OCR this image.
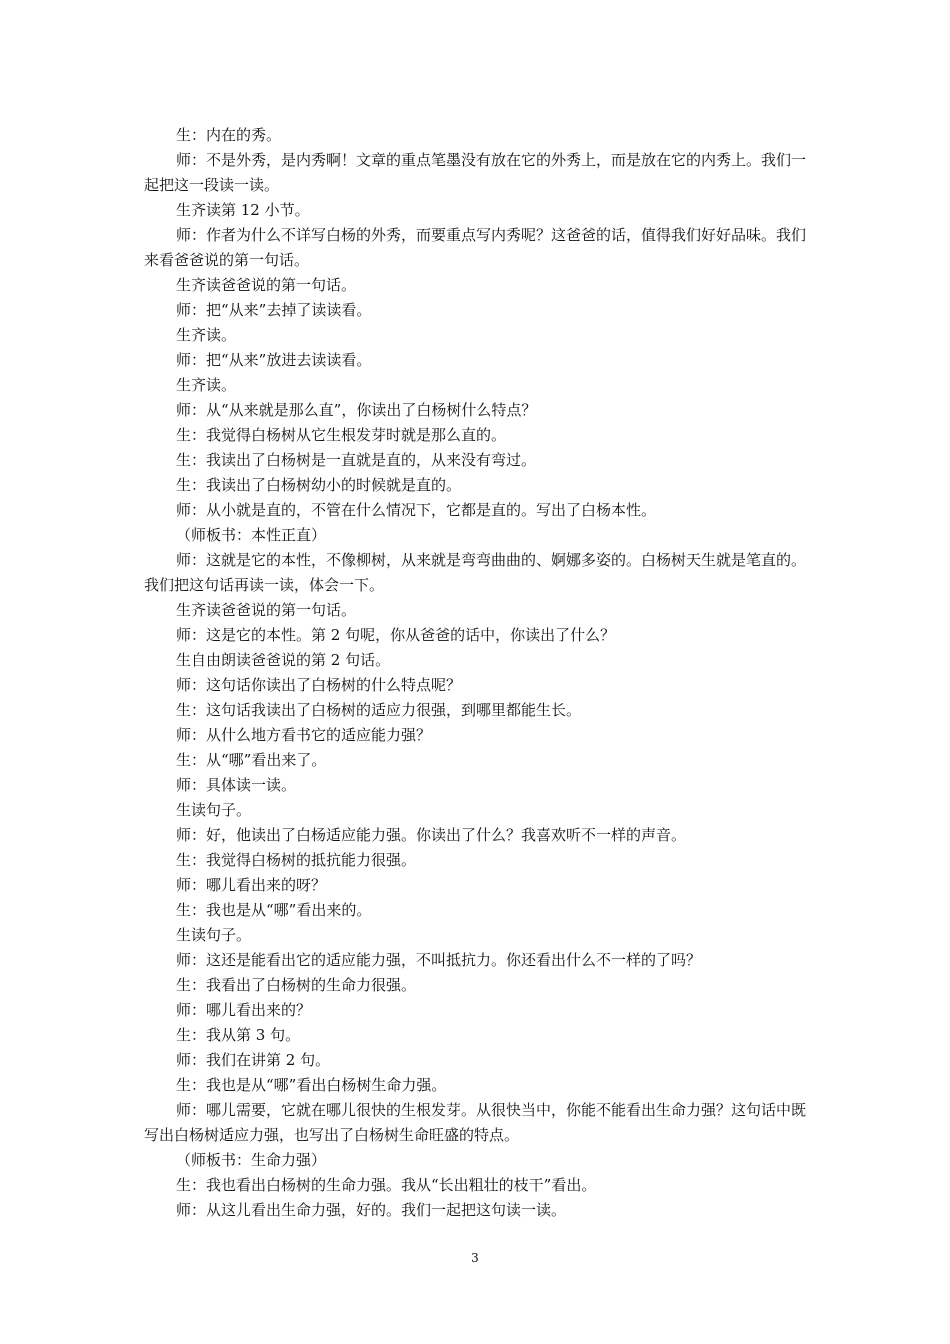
生：内在的秀。

师：不是外秀，是内秀啊！文章的重点笔墨没有放在它的外秀上，而是放在它的内秀上。我们一起把这一段读一读。

生齐读第 12 小节。

师：作者为什么不详写白杨的外秀，而要重点写内秀呢？这爸爸的话，值得我们好好品味。我们来看爸爸说的第一句话。

生齐读爸爸说的第一句话。

师：把“从来”去掉了读读看。

生齐读。

师：把“从来”放进去读读看。

生齐读。

师：从“从来就是那么直”，你读出了白杨树什么特点？

生：我觉得白杨树从它生根发芽时就是那么直的。

生：我读出了白杨树是一直就是直的，从来没有弯过。

生：我读出了白杨树幼小的时候就是直的。

师：从小就是直的，不管在什么情况下，它都是直的。写出了白杨本性。

（师板书：本性正直）

师：这就是它的本性，不像柳树，从来就是弯弯曲曲的、婀娜多姿的。白杨树天生就是笔直的。我们把这句话再读一读，体会一下。

生齐读爸爸说的第一句话。

师：这是它的本性。第 2 句呢，你从爸爸的话中，你读出了什么？

生自由朗读爸爸说的第 2 句话。

师：这句话你读出了白杨树的什么特点呢？

生：这句话我读出了白杨树的适应力很强，到哪里都能生长。

师：从什么地方看书它的适应能力强？

生：从“哪”看出来了。

师：具体读一读。

生读句子。

师：好，他读出了白杨适应能力强。你读出了什么？我喜欢听不一样的声音。

生：我觉得白杨树的抵抗能力很强。

师：哪儿看出来的呀？

生：我也是从“哪”看出来的。

生读句子。

师：这还是能看出它的适应能力强，不叫抵抗力。你还看出什么不一样的了吗？

生：我看出了白杨树的生命力很强。

师：哪儿看出来的？

生：我从第 3 句。

师：我们在讲第 2 句。

生：我也是从“哪”看出白杨树生命力强。

师：哪儿需要，它就在哪儿很快的生根发芽。从很快当中，你能不能看出生命力强？这句话中既写出白杨树适应力强，也写出了白杨树生命旺盛的特点。

（师板书：生命力强）

生：我也看出白杨树的生命力强。我从“长出粗壮的枝干”看出。

师：从这儿看出生命力强，好的。我们一起把这句读一读。

3
